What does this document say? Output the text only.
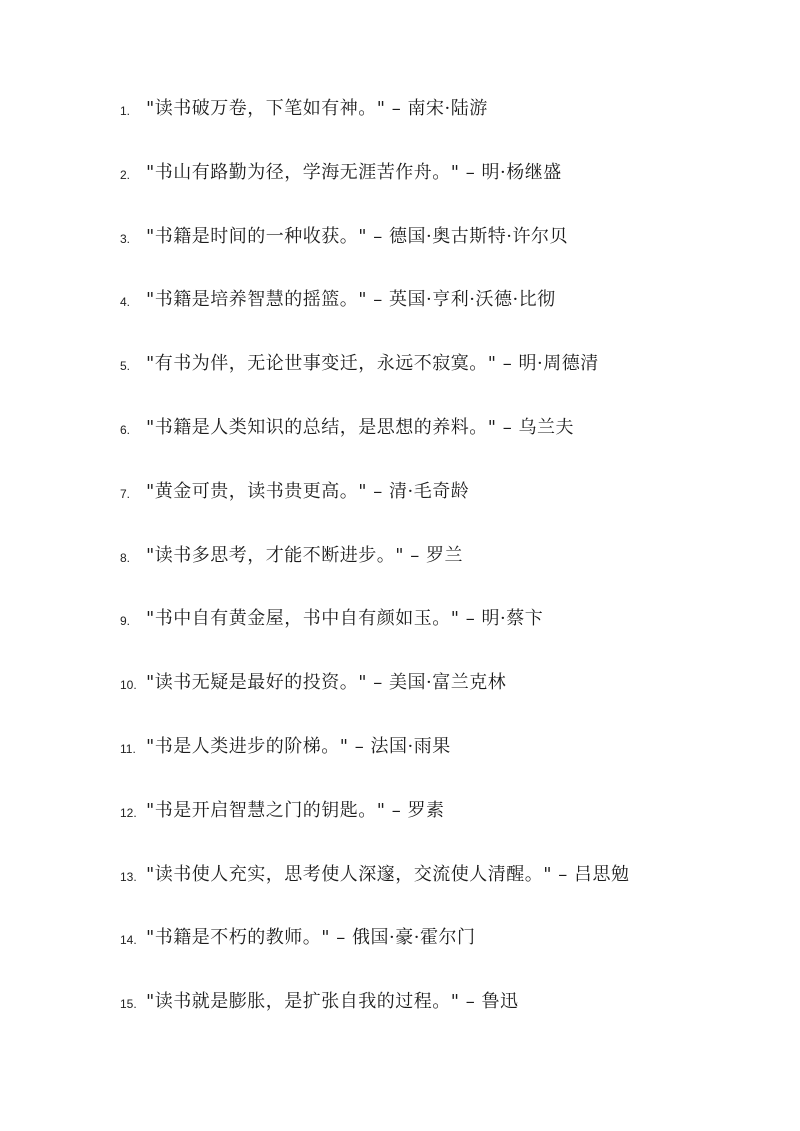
1. "读书破万卷，下笔如有神。" – 南宋·陆游
2. "书山有路勤为径，学海无涯苦作舟。" – 明·杨继盛
3. "书籍是时间的一种收获。" – 德国·奥古斯特·许尔贝
4. "书籍是培养智慧的摇篮。" – 英国·亨利·沃德·比彻
5. "有书为伴，无论世事变迁，永远不寂寞。" – 明·周德清
6. "书籍是人类知识的总结，是思想的养料。" – 乌兰夫
7. "黄金可贵，读书贵更高。" – 清·毛奇龄
8. "读书多思考，才能不断进步。" – 罗兰
9. "书中自有黄金屋，书中自有颜如玉。" – 明·蔡卞
10. "读书无疑是最好的投资。" – 美国·富兰克林
11. "书是人类进步的阶梯。" – 法国·雨果
12. "书是开启智慧之门的钥匙。" – 罗素
13. "读书使人充实，思考使人深邃，交流使人清醒。" – 吕思勉
14. "书籍是不朽的教师。" – 俄国·豪·霍尔门
15. "读书就是膨胀，是扩张自我的过程。" – 鲁迅
